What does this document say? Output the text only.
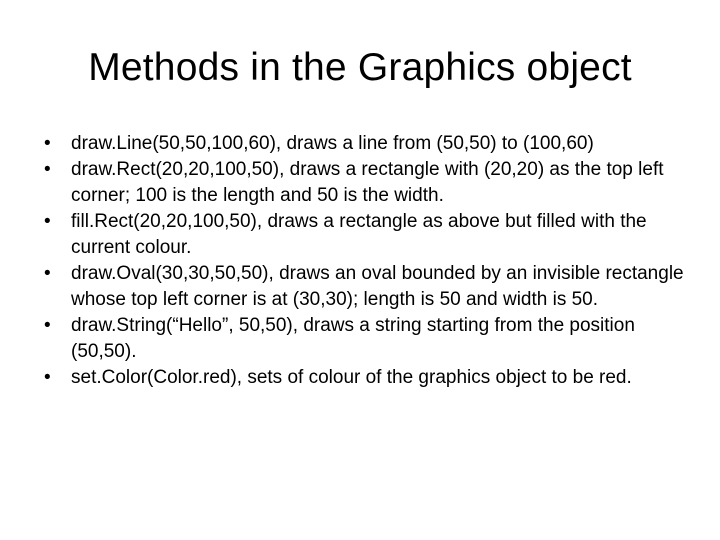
Methods in the Graphics object
•	draw.Line(50,50,100,60), draws a line from (50,50) to (100,60)
•	draw.Rect(20,20,100,50), draws a rectangle with (20,20) as the top left corner; 100 is the length and 50 is the width.
•	fill.Rect(20,20,100,50), draws a rectangle as above but filled with the current colour.
•	draw.Oval(30,30,50,50), draws an oval bounded by an invisible rectangle whose top left corner is at (30,30); length is 50 and width is 50.
•	draw.String(“Hello”, 50,50), draws a string starting from the position (50,50).
•	set.Color(Color.red), sets of colour of the graphics object to be red.
